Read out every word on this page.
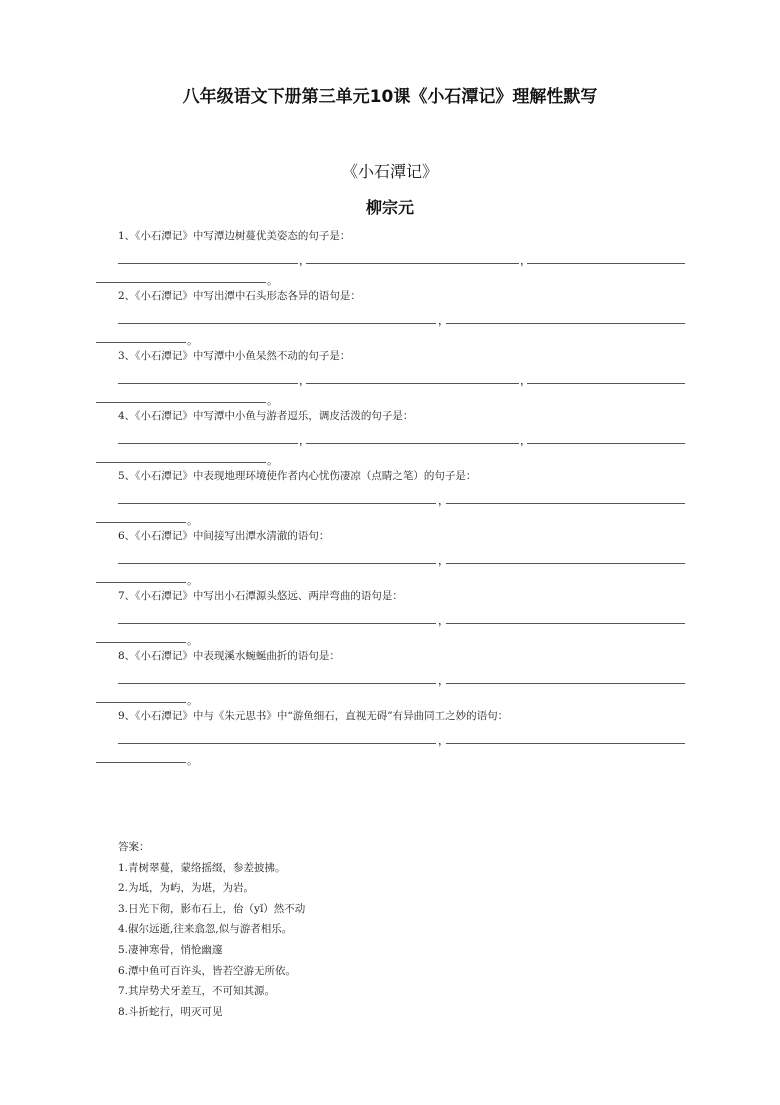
八年级语文下册第三单元10课《小石潭记》理解性默写
《小石潭记》
柳宗元
1、《小石潭记》中写潭边树蔓优美姿态的句子是：
，	，
。
2、《小石潭记》中写出潭中石头形态各异的语句是：
，
。
3、《小石潭记》中写潭中小鱼呆然不动的句子是：
，	，
。
4、《小石潭记》中写潭中小鱼与游者逗乐，调皮活泼的句子是：
，	，
。
5、《小石潭记》中表现地理环境使作者内心忧伤凄凉（点睛之笔）的句子是：
，
。
6、《小石潭记》中间接写出潭水清澈的语句：
，
。
7、《小石潭记》中写出小石潭源头悠远、两岸弯曲的语句是：
，
。
8、《小石潭记》中表现溪水蜿蜒曲折的语句是：
，
。
9、《小石潭记》中与《朱元思书》中“游鱼细石，直视无碍”有异曲同工之妙的语句：
，
。
答案：
1.青树翠蔓，蒙络摇缀，参差披拂。
2.为坻，为屿，为堪，为岩。
3.日光下彻，影布石上，佁（yǐ）然不动
4.俶尔远逝,往来翕忽,似与游者相乐。
5.凄神寒骨，悄怆幽邃
6.潭中鱼可百许头，皆若空游无所依。
7.其岸势犬牙差互，不可知其源。
8.斗折蛇行，明灭可见
